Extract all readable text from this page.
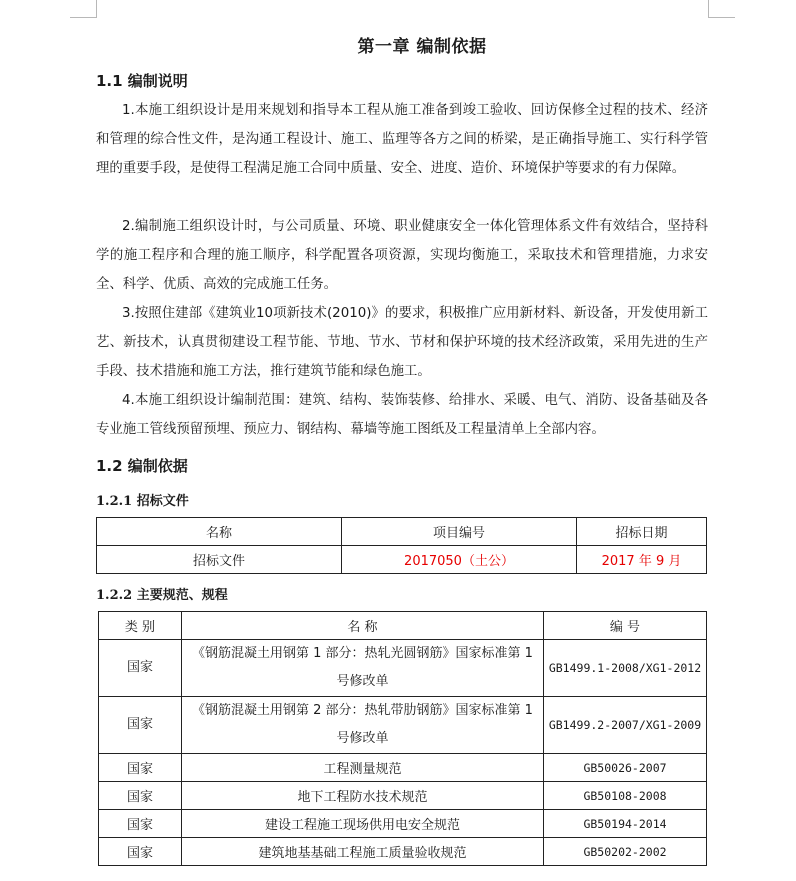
第一章 编制依据
1.1 编制说明

1.本施工组织设计是用来规划和指导本工程从施工准备到竣工验收、回访保修全过程的技术、经济和管理的综合性文件，是沟通工程设计、施工、监理等各方之间的桥梁，是正确指导施工、实行科学管理的重要手段，是使得工程满足施工合同中质量、安全、进度、造价、环境保护等要求的有力保障。

2.编制施工组织设计时，与公司质量、环境、职业健康安全一体化管理体系文件有效结合，坚持科学的施工程序和合理的施工顺序，科学配置各项资源，实现均衡施工，采取技术和管理措施，力求安全、科学、优质、高效的完成施工任务。

3.按照住建部《建筑业10项新技术(2010)》的要求，积极推广应用新材料、新设备，开发使用新工艺、新技术，认真贯彻建设工程节能、节地、节水、节材和保护环境的技术经济政策，采用先进的生产手段、技术措施和施工方法，推行建筑节能和绿色施工。

4.本施工组织设计编制范围：建筑、结构、装饰装修、给排水、采暖、电气、消防、设备基础及各专业施工管线预留预埋、预应力、钢结构、幕墙等施工图纸及工程量清单上全部内容。

1.2 编制依据
1.2.1 招标文件
名称	项目编号	招标日期
招标文件	2017050（土公）	2017 年 9 月
1.2.2 主要规范、规程
类 别	名 称	编 号
国家	《钢筋混凝土用钢第 1 部分：热轧光圆钢筋》国家标准第 1 号修改单	GB1499.1-2008/XG1-2012
国家	《钢筋混凝土用钢第 2 部分：热轧带肋钢筋》国家标准第 1 号修改单	GB1499.2-2007/XG1-2009
国家	工程测量规范	GB50026-2007
国家	地下工程防水技术规范	GB50108-2008
国家	建设工程施工现场供用电安全规范	GB50194-2014
国家	建筑地基基础工程施工质量验收规范	GB50202-2002
